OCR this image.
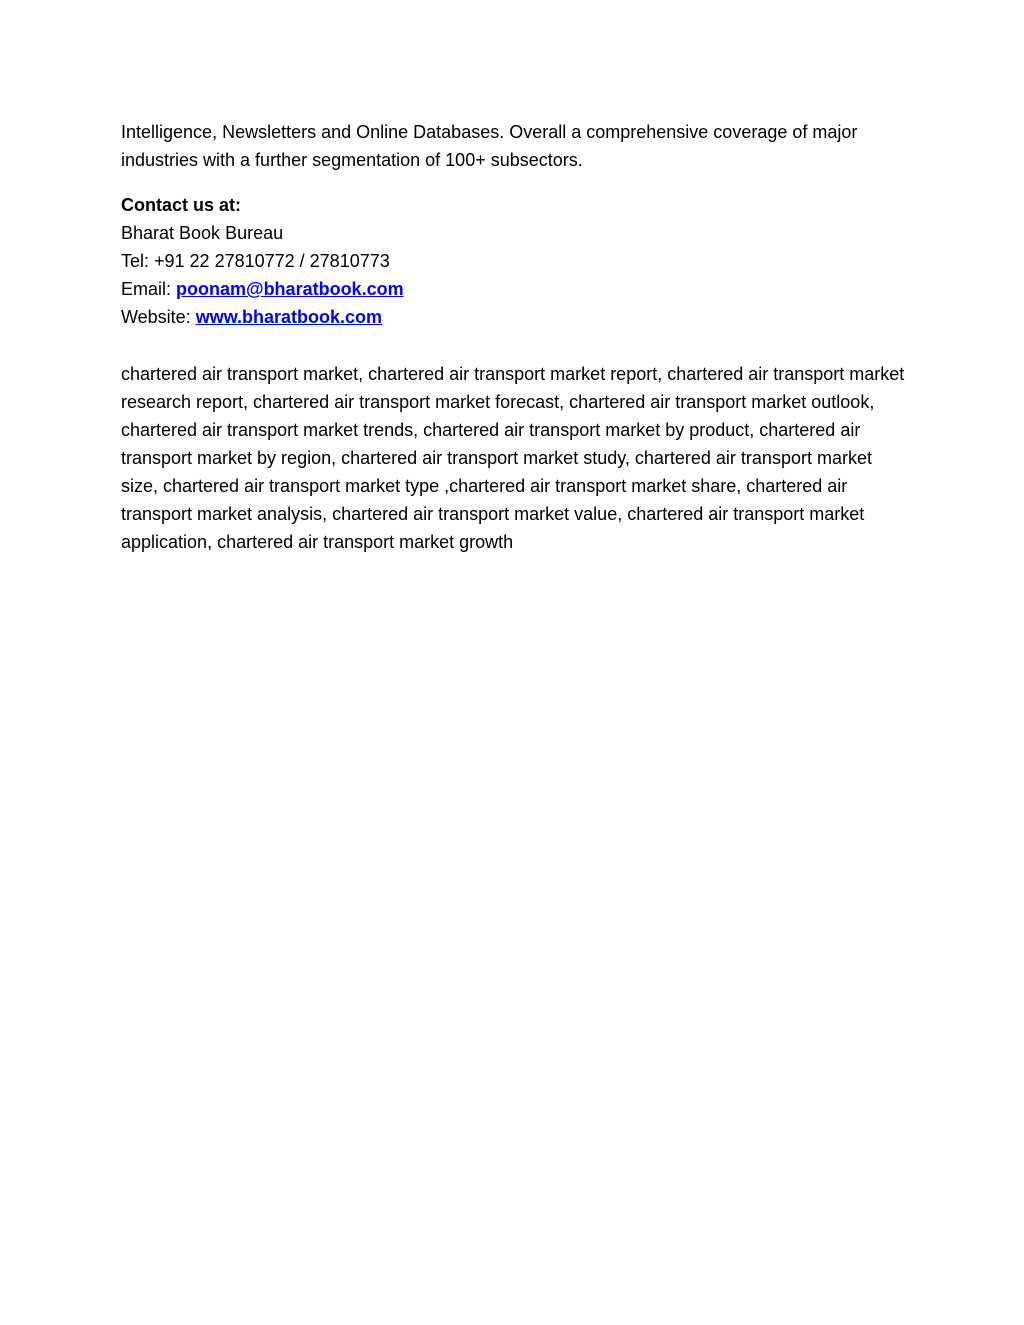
Intelligence, Newsletters and Online Databases. Overall a comprehensive coverage of major industries with a further segmentation of 100+ subsectors.

Contact us at:
Bharat Book Bureau
Tel: +91 22 27810772 / 27810773
Email: poonam@bharatbook.com
Website: www.bharatbook.com

chartered air transport market, chartered air transport market report, chartered air transport market research report, chartered air transport market forecast, chartered air transport market outlook, chartered air transport market trends, chartered air transport market by product, chartered air transport market by region, chartered air transport market study, chartered air transport market size, chartered air transport market type ,chartered air transport market share, chartered air transport market analysis, chartered air transport market value, chartered air transport market application, chartered air transport market growth
